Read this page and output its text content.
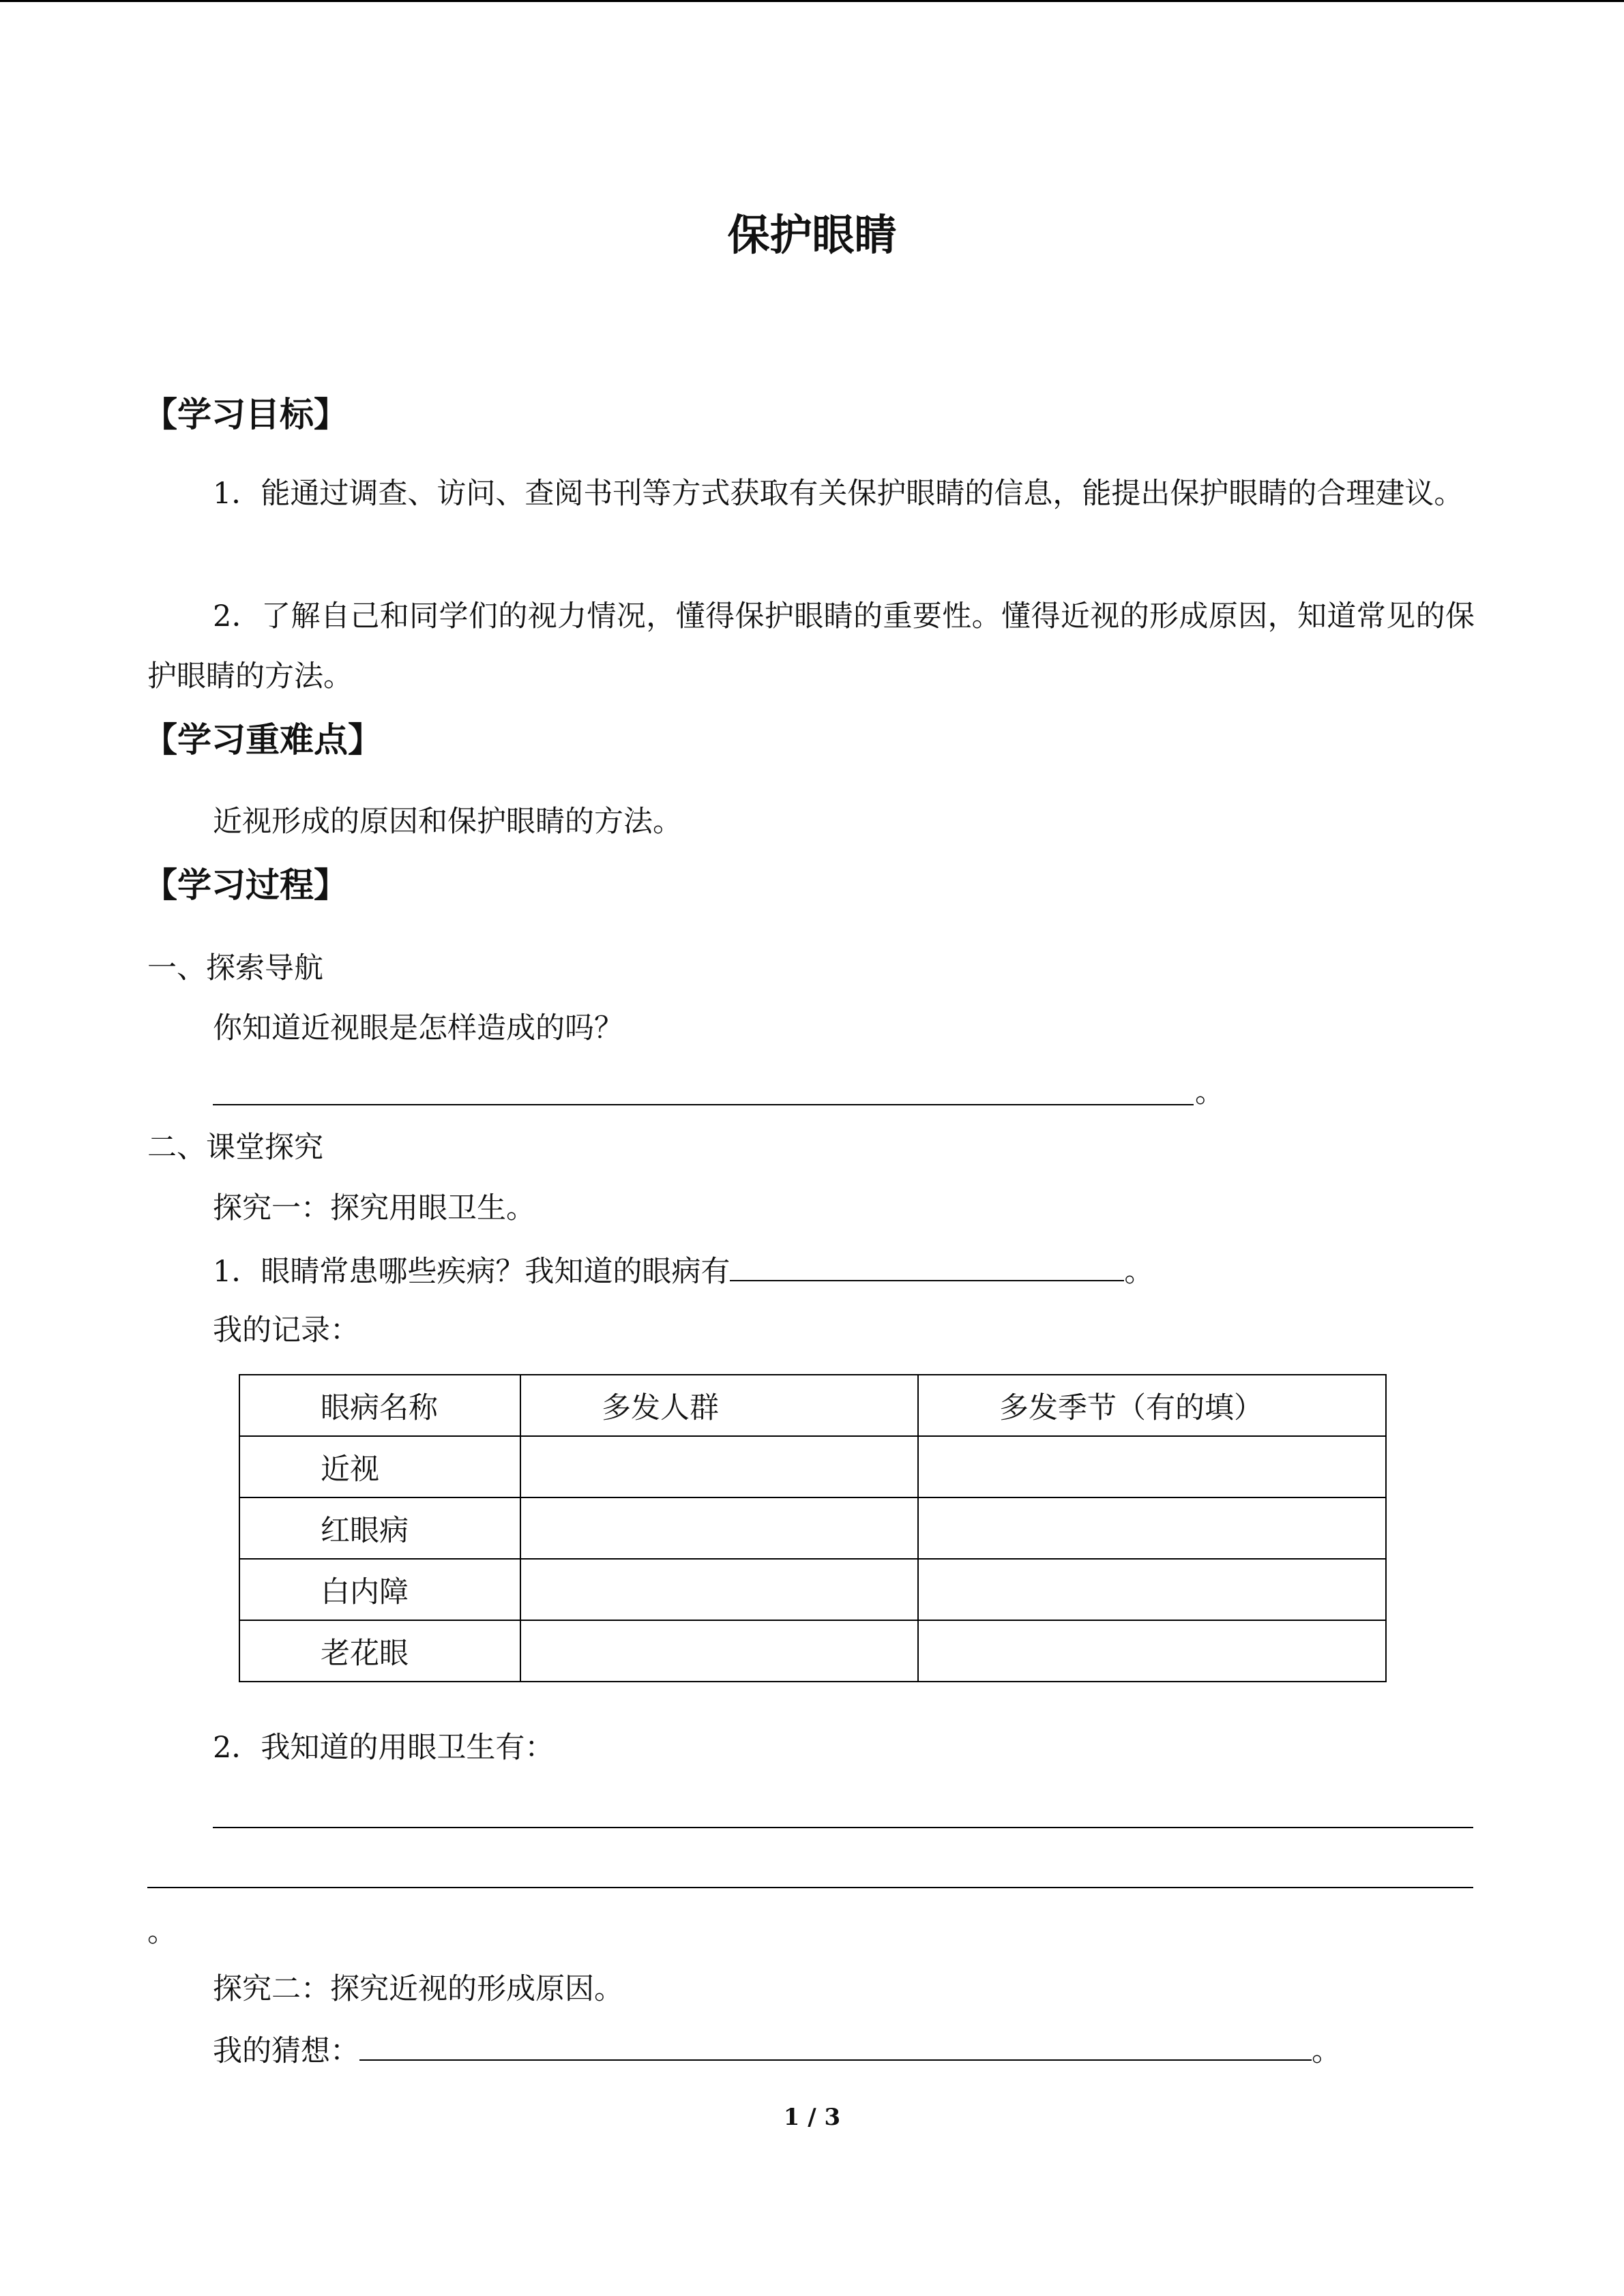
保护眼睛
【学习目标】
1．能通过调查、访问、查阅书刊等方式获取有关保护眼睛的信息，能提出保护眼睛的合理建议。
2．了解自己和同学们的视力情况，懂得保护眼睛的重要性。懂得近视的形成原因，知道常见的保护眼睛的方法。
【学习重难点】
近视形成的原因和保护眼睛的方法。
【学习过程】
一、探索导航
你知道近视眼是怎样造成的吗？
。
二、课堂探究
探究一：探究用眼卫生。
1．眼睛常患哪些疾病？我知道的眼病有	。
我的记录：
眼病名称	多发人群	多发季节（有的填）
近视		
红眼病		
白内障		
老花眼		
2．我知道的用眼卫生有：
。
探究二：探究近视的形成原因。
我的猜想：	。
1 / 3
